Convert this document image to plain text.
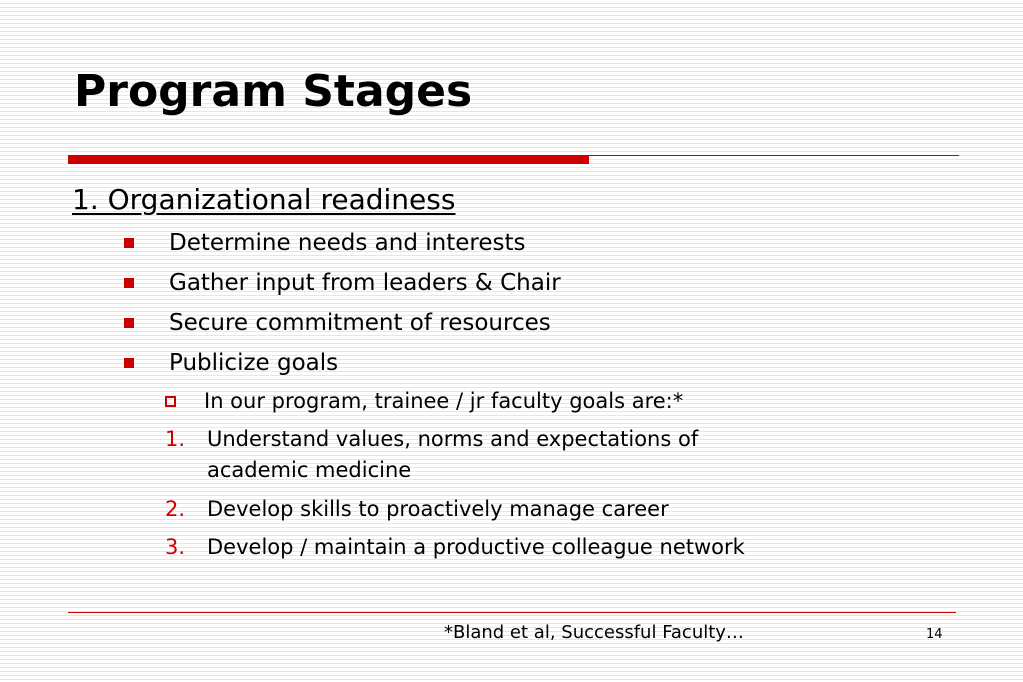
Program Stages
1. Organizational readiness
Determine needs and interests
Gather input from leaders & Chair
Secure commitment of resources
Publicize goals
In our program, trainee / jr faculty goals are:*
1.	Understand values, norms and expectations of
academic medicine
2.	Develop skills to proactively manage career
3.	Develop / maintain a productive colleague network
*Bland et al, Successful Faculty…	14
